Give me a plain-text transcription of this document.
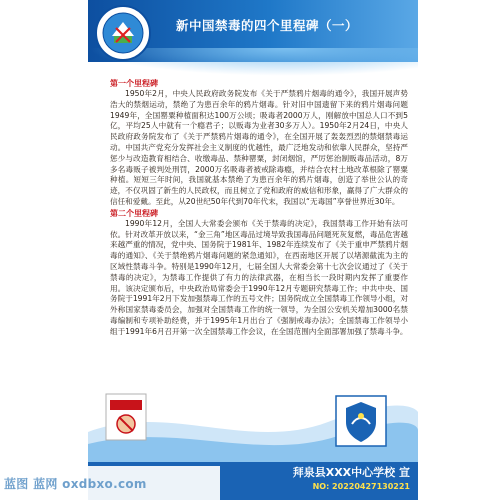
新中国禁毒的四个里程碑（一）
第一个里程碑

1950年2月，中央人民政府政务院发布《关于严禁鸦片烟毒的通令》，我国开展声势浩大的禁烟运动，禁绝了为患百余年的鸦片烟毒。针对旧中国遗留下来的鸦片烟毒问题1949年，全国罂粟种植面积达100万公顷；吸毒者2000万人，刚解放中国总人口不到5亿，平均25人中就有一个瘾君子；以贩毒为业者30多万人）。1950年2月24日，中央人民政府政务院发布了《关于严禁鸦片烟毒的通令》，在全国开展了轰轰烈烈的禁烟禁毒运动。中国共产党充分发挥社会主义制度的优越性，最广泛地发动和依靠人民群众，坚持严惩少与改造教育相结合、收缴毒品、禁种罂粟，封闭烟馆，严厉惩治制贩毒品活动，8万多名毒贩子被判处刑罚，2000万名吸毒者被戒除毒瘾，并结合农村土地改革根除了罂粟种植。短短三年时间，我国就基本禁绝了为患百余年的鸦片烟毒，创造了举世公认的奇迹，不仅巩固了新生的人民政权，而且树立了党和政府的威信和形象，赢得了广大群众的信任和爱戴。至此，从20世纪50年代到70年代末，我国以“无毒国”享誉世界近30年。

第二个里程碑

1990年12月，全国人大常委会颁布《关于禁毒的决定》，我国禁毒工作开始有法可依。针对改革开放以来，“金三角”地区毒品过境导致我国毒品问题死灰复燃，毒品危害越来越严重的情况，党中央、国务院于1981年、1982年连续发布了《关于重申严禁鸦片烟毒的通知》、《关于禁绝鸦片烟毒问题的紧急通知》，在西南地区开展了以堵源截流为主的区域性禁毒斗争。特别是1990年12月，七届全国人大常委会第十七次会议通过了《关于禁毒的决定》，为禁毒工作提供了有力的法律武器，在相当长一段时期内发挥了重要作用。该决定颁布后，中央政治局常委会于1990年12月专题研究禁毒工作；中共中央、国务院于1991年2月下发加强禁毒工作的五号文件；国务院成立全国禁毒工作领导小组，对外称国家禁毒委员会，加强对全国禁毒工作的统一领导，为全国公安机关增加3000名禁毒编制和专项补助经费，并于1995年1月出台了《强制戒毒办法》；全国禁毒工作领导小组于1991年6月召开第一次全国禁毒工作会议，在全国范围内全面部署加强了禁毒斗争。

拜泉县XXX中心学校 宣
NO: 20220427130221
蓝图 蓝网 oxdbxo.com
